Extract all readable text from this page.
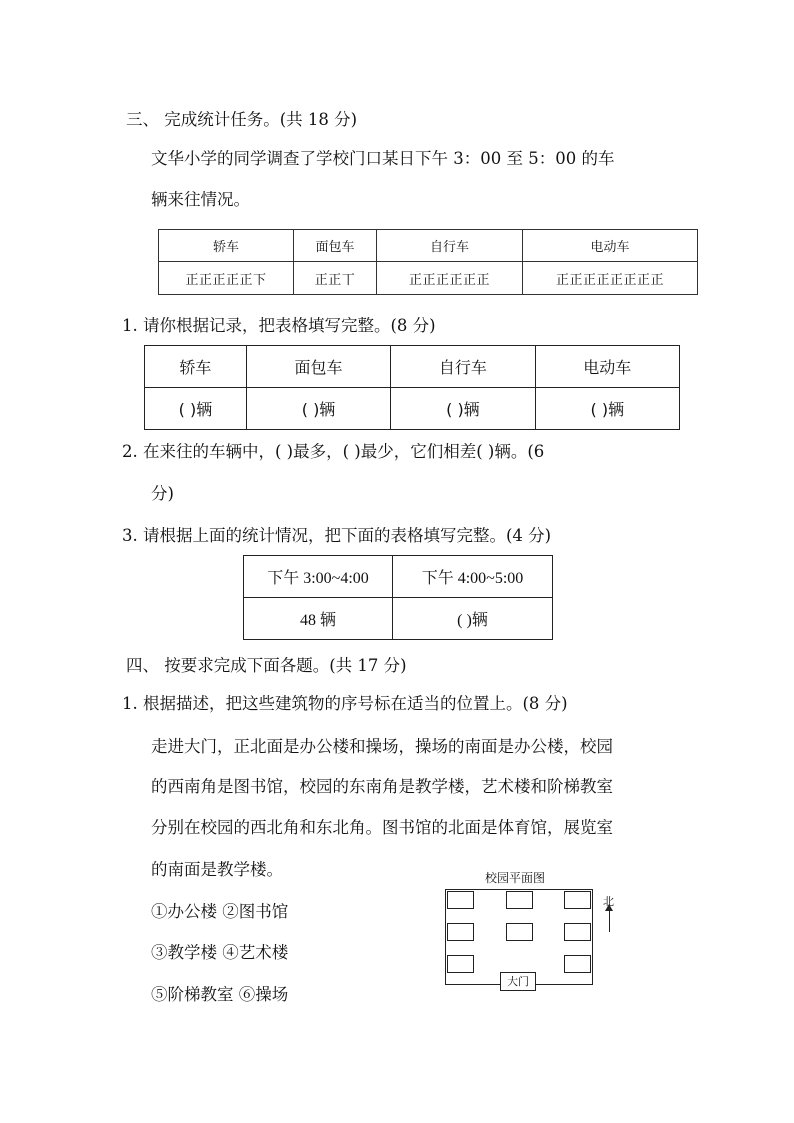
三、 完成统计任务。(共 18 分)
文华小学的同学调查了学校门口某日下午 3：00 至 5：00 的车
辆来往情况。
轿车	面包车	自行车	电动车
正正正正正下	正正丅	正正正正正正	正正正正正正正正
1. 请你根据记录，把表格填写完整。(8 分)
轿车	面包车	自行车	电动车
( )辆	( )辆	( )辆	( )辆
2. 在来往的车辆中，( )最多，( )最少，它们相差( )辆。(6
分)
3. 请根据上面的统计情况，把下面的表格填写完整。(4 分)
下午 3:00~4:00	下午 4:00~5:00
48 辆	( )辆
四、 按要求完成下面各题。(共 17 分)
1. 根据描述，把这些建筑物的序号标在适当的位置上。(8 分)
走进大门，正北面是办公楼和操场，操场的南面是办公楼，校园
的西南角是图书馆，校园的东南角是教学楼，艺术楼和阶梯教室
分别在校园的西北角和东北角。图书馆的北面是体育馆，展览室
的南面是教学楼。
①办公楼 ②图书馆
③教学楼 ④艺术楼
⑤阶梯教室 ⑥操场
校园平面图
大门
北
